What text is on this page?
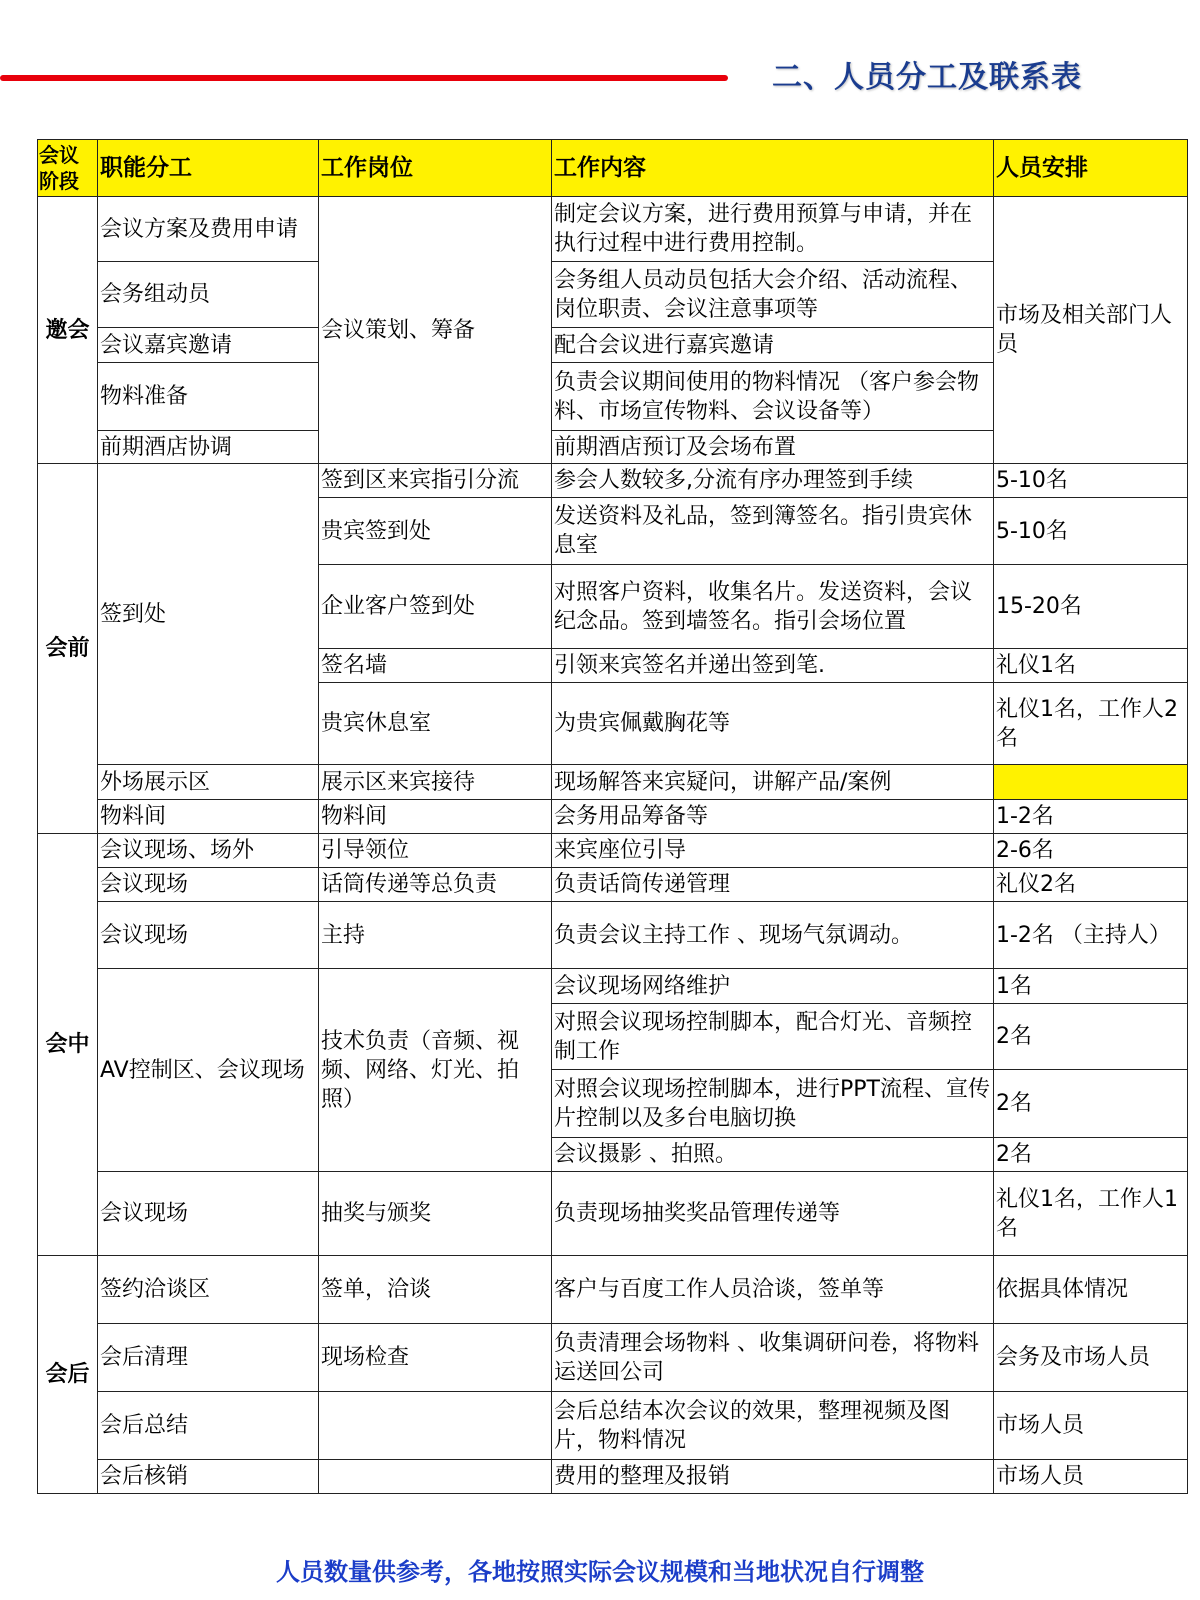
二、人员分工及联系表
会议阶段	职能分工	工作岗位	工作内容	人员安排
邀会	会议方案及费用申请	会议策划、筹备	制定会议方案，进行费用预算与申请，并在执行过程中进行费用控制。	市场及相关部门人员
	会务组动员		会务组人员动员包括大会介绍、活动流程、岗位职责、会议注意事项等	
	会议嘉宾邀请		配合会议进行嘉宾邀请	
	物料准备		负责会议期间使用的物料情况 （客户参会物料、市场宣传物料、会议设备等）	
	前期酒店协调		前期酒店预订及会场布置	
会前	签到处	签到区来宾指引分流	参会人数较多,分流有序办理签到手续	5-10名
		贵宾签到处	发送资料及礼品，签到簿签名。指引贵宾休息室	5-10名
		企业客户签到处	对照客户资料，收集名片。发送资料，会议纪念品。签到墙签名。指引会场位置	15-20名
		签名墙	引领来宾签名并递出签到笔.	礼仪1名
		贵宾休息室	为贵宾佩戴胸花等	礼仪1名，工作人2名
	外场展示区	展示区来宾接待	现场解答来宾疑问，讲解产品/案例	
	物料间	物料间	会务用品筹备等	1-2名
会中	会议现场、场外	引导领位	来宾座位引导	2-6名
	会议现场	话筒传递等总负责	负责话筒传递管理	礼仪2名
	会议现场	主持	负责会议主持工作 、现场气氛调动。	1-2名 （主持人）
	AV控制区、会议现场	技术负责（音频、视频、网络、灯光、拍照）	会议现场网络维护	1名
			对照会议现场控制脚本，配合灯光、音频控制工作	2名
			对照会议现场控制脚本，进行PPT流程、宣传片控制以及多台电脑切换	2名
			会议摄影 、拍照。	2名
	会议现场	抽奖与颁奖	负责现场抽奖奖品管理传递等	礼仪1名，工作人1名
会后	签约洽谈区	签单，洽谈	客户与百度工作人员洽谈，签单等	依据具体情况
	会后清理	现场检查	负责清理会场物料 、收集调研问卷，将物料运送回公司	会务及市场人员
	会后总结		会后总结本次会议的效果，整理视频及图片，物料情况	市场人员
	会后核销		费用的整理及报销	市场人员
人员数量供参考，各地按照实际会议规模和当地状况自行调整
